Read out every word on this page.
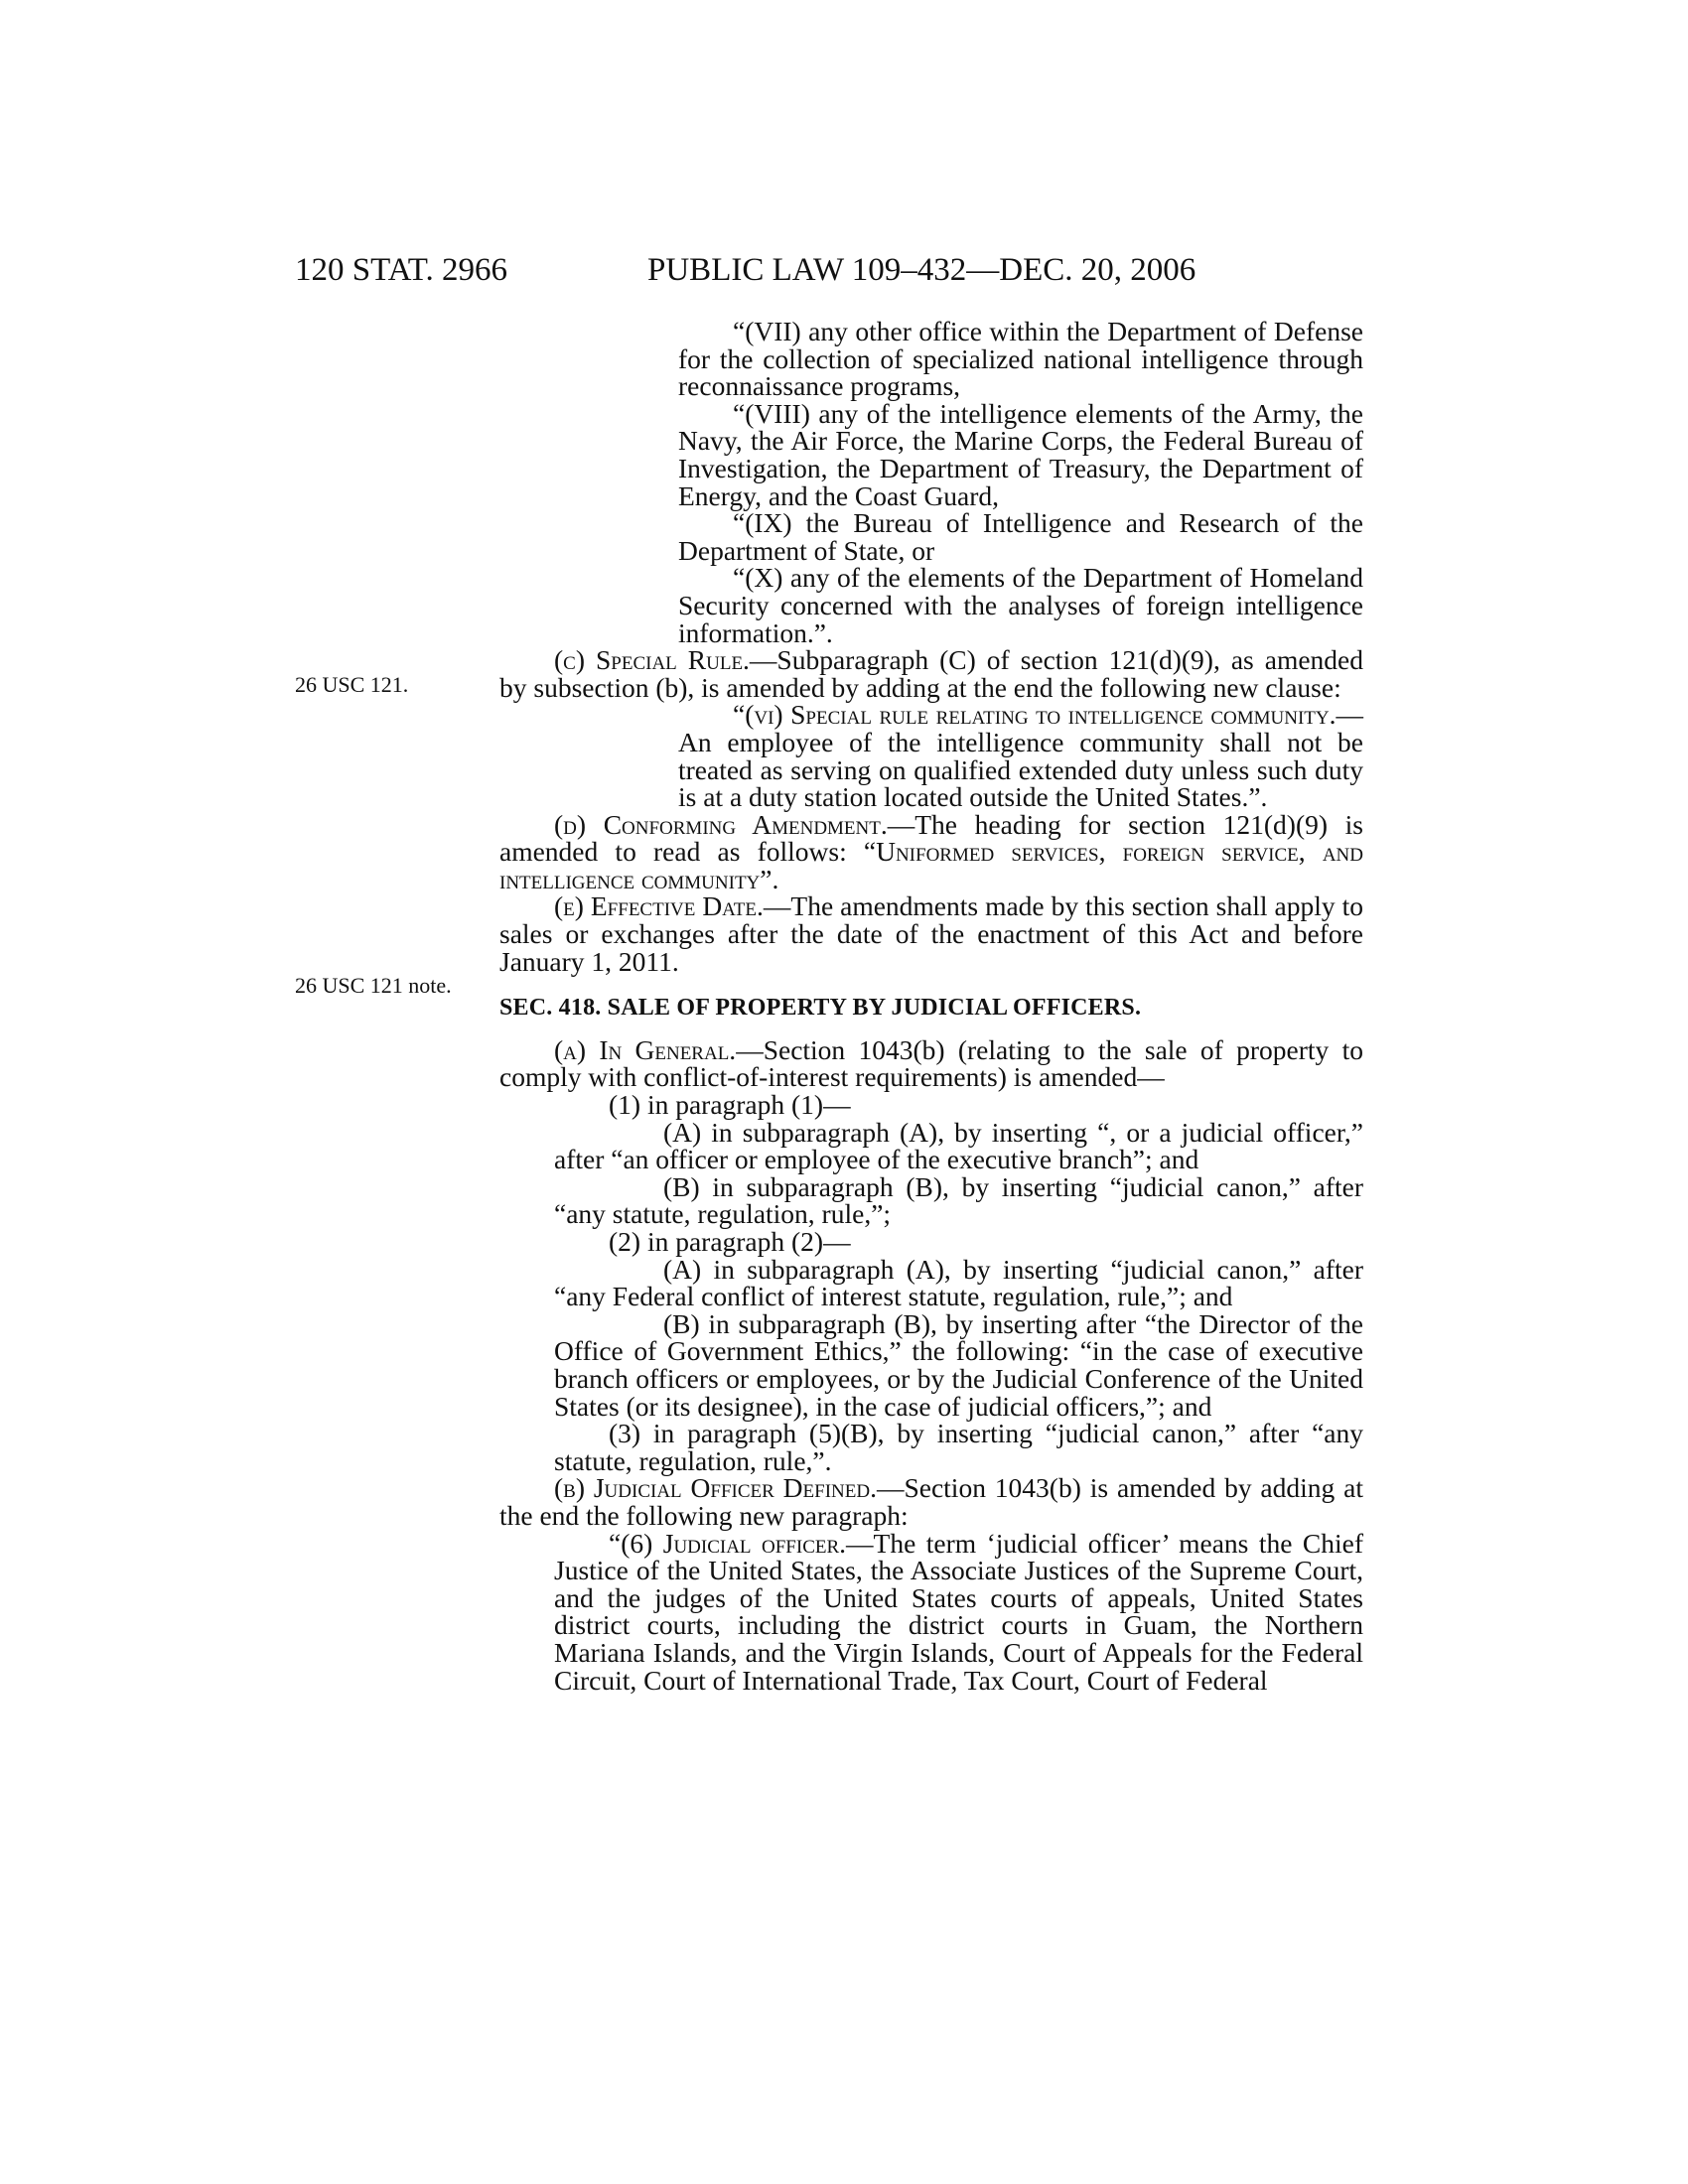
120 STAT. 2966	PUBLIC LAW 109–432—DEC. 20, 2006
26 USC 121.
26 USC 121 note.

“(VII) any other office within the Department of Defense for the collection of specialized national intelligence through reconnaissance programs,

“(VIII) any of the intelligence elements of the Army, the Navy, the Air Force, the Marine Corps, the Federal Bureau of Investigation, the Department of Treasury, the Department of Energy, and the Coast Guard,

“(IX) the Bureau of Intelligence and Research of the Department of State, or

“(X) any of the elements of the Department of Homeland Security concerned with the analyses of foreign intelligence information.”.

(c) Special Rule.—Subparagraph (C) of section 121(d)(9), as amended by subsection (b), is amended by adding at the end the following new clause:

“(vi) Special rule relating to intelligence community.—An employee of the intelligence community shall not be treated as serving on qualified extended duty unless such duty is at a duty station located outside the United States.”.

(d) Conforming Amendment.—The heading for section 121(d)(9) is amended to read as follows: “Uniformed services, foreign service, and intelligence community”.

(e) Effective Date.—The amendments made by this section shall apply to sales or exchanges after the date of the enactment of this Act and before January 1, 2011.

SEC. 418. SALE OF PROPERTY BY JUDICIAL OFFICERS.

(a) In General.—Section 1043(b) (relating to the sale of property to comply with conflict-of-interest requirements) is amended—

(1) in paragraph (1)—

(A) in subparagraph (A), by inserting “, or a judicial officer,” after “an officer or employee of the executive branch”; and

(B) in subparagraph (B), by inserting “judicial canon,” after “any statute, regulation, rule,”;

(2) in paragraph (2)—

(A) in subparagraph (A), by inserting “judicial canon,” after “any Federal conflict of interest statute, regulation, rule,”; and

(B) in subparagraph (B), by inserting after “the Director of the Office of Government Ethics,” the following: “in the case of executive branch officers or employees, or by the Judicial Conference of the United States (or its designee), in the case of judicial officers,”; and

(3) in paragraph (5)(B), by inserting “judicial canon,” after “any statute, regulation, rule,”.

(b) Judicial Officer Defined.—Section 1043(b) is amended by adding at the end the following new paragraph:

“(6) Judicial officer.—The term ‘judicial officer’ means the Chief Justice of the United States, the Associate Justices of the Supreme Court, and the judges of the United States courts of appeals, United States district courts, including the district courts in Guam, the Northern Mariana Islands, and the Virgin Islands, Court of Appeals for the Federal Circuit, Court of International Trade, Tax Court, Court of Federal
